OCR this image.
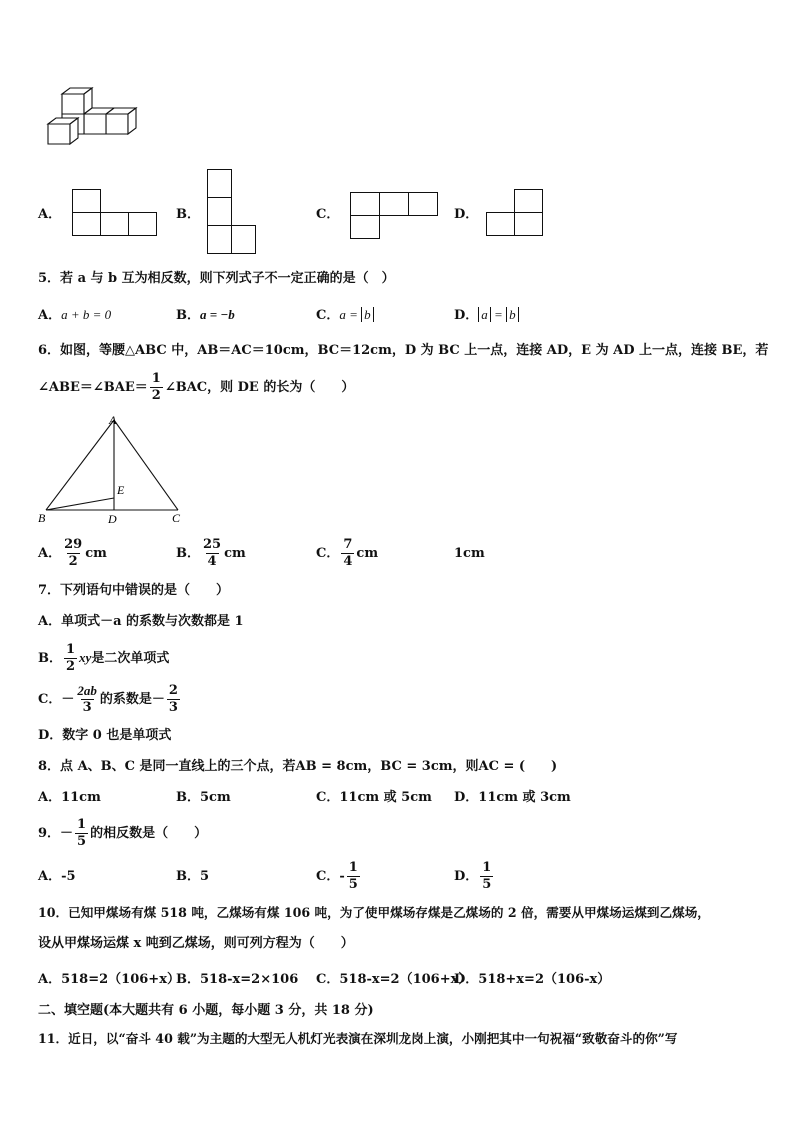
A．	B．	C．	D．
5．若 a 与 b 互为相反数，则下列式子不一定正确的是（　）
A．a + b = 0	B．a = −b	C．a = b	D． a = b
6．如图，等腰△ABC 中，AB＝AC＝10cm，BC＝12cm，D 为 BC 上一点，连接 AD，E 为 AD 上一点，连接 BE，若
∠ABE＝∠BAE＝ $\frac{1}{2}$ ∠BAC，则 DE 的长为（　　）
A
E
B	D	C
A． $\frac{29}{2}$ cm	B． $\frac{25}{4}$ cm	C． $\frac{7}{4}$ cm	1cm
7．下列语句中错误的是（　　）
A．单项式－a 的系数与次数都是 1
B． $\frac{1}{2}$ xy是二次单项式
C．－ $\frac{2ab}{3}$ 的系数是－ $\frac{2}{3}$
D．数字 0 也是单项式
8．点 A、B、C 是同一直线上的三个点，若AB = 8cm，BC = 3cm，则AC = (　　)
A．11cm	B．5cm	C．11cm 或 5cm D．11cm 或 3cm
9．－ $\frac{1}{5}$ 的相反数是（　　）
A．-5	B．5	C．- $\frac{1}{5}$	D． $\frac{1}{5}$
10．已知甲煤场有煤 518 吨，乙煤场有煤 106 吨，为了使甲煤场存煤是乙煤场的 2 倍，需要从甲煤场运煤到乙煤场，
设从甲煤场运煤 x 吨到乙煤场，则可列方程为（　　）
A．518=2（106+x）
B．518-x=2×106 C．518-x=2（106+x）
D．518+x=2（106-x）
二、填空题(本大题共有 6 小题，每小题 3 分，共 18 分)
11．近日，以“奋斗 40 载”为主题的大型无人机灯光表演在深圳龙岗上演，小刚把其中一句祝福“致敬奋斗的你”写
